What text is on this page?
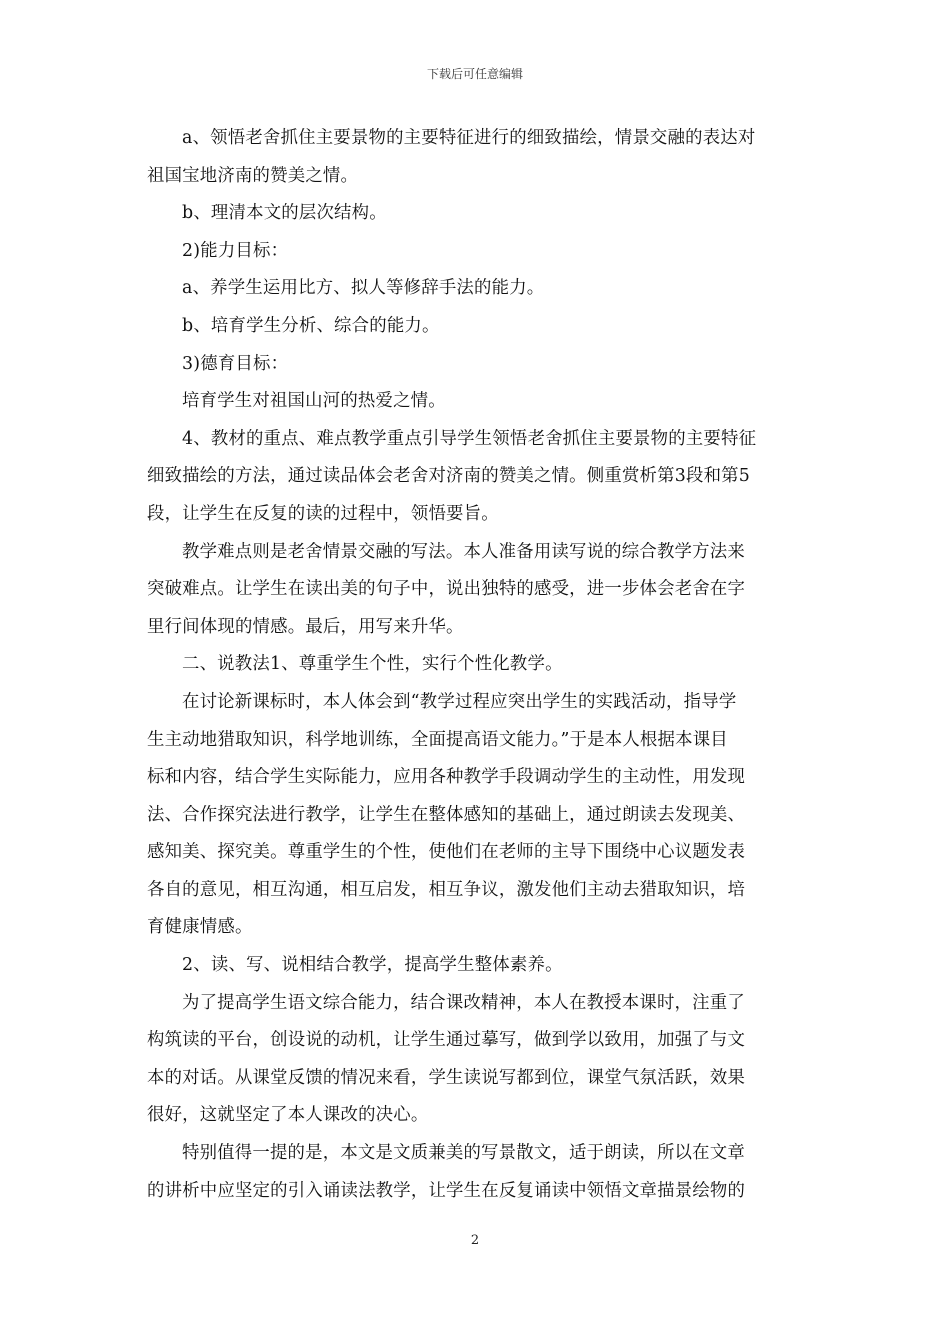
下载后可任意编辑
a、领悟老舍抓住主要景物的主要特征进行的细致描绘，情景交融的表达对
祖国宝地济南的赞美之情。
b、理清本文的层次结构。
2)能力目标：
a、养学生运用比方、拟人等修辞手法的能力。
b、培育学生分析、综合的能力。
3)德育目标：
培育学生对祖国山河的热爱之情。
4、教材的重点、难点教学重点引导学生领悟老舍抓住主要景物的主要特征
细致描绘的方法，通过读品体会老舍对济南的赞美之情。侧重赏析第3段和第5
段，让学生在反复的读的过程中，领悟要旨。
教学难点则是老舍情景交融的写法。本人准备用读写说的综合教学方法来
突破难点。让学生在读出美的句子中，说出独特的感受，进一步体会老舍在字
里行间体现的情感。最后，用写来升华。
二、说教法1、尊重学生个性，实行个性化教学。
在讨论新课标时，本人体会到“教学过程应突出学生的实践活动，指导学
生主动地猎取知识，科学地训练，全面提高语文能力。”于是本人根据本课目
标和内容，结合学生实际能力，应用各种教学手段调动学生的主动性，用发现
法、合作探究法进行教学，让学生在整体感知的基础上，通过朗读去发现美、
感知美、探究美。尊重学生的个性，使他们在老师的主导下围绕中心议题发表
各自的意见，相互沟通，相互启发，相互争议，激发他们主动去猎取知识，培
育健康情感。
2、读、写、说相结合教学，提高学生整体素养。
为了提高学生语文综合能力，结合课改精神，本人在教授本课时，注重了
构筑读的平台，创设说的动机，让学生通过摹写，做到学以致用，加强了与文
本的对话。从课堂反馈的情况来看，学生读说写都到位，课堂气氛活跃，效果
很好，这就坚定了本人课改的决心。
特别值得一提的是，本文是文质兼美的写景散文，适于朗读，所以在文章
的讲析中应坚定的引入诵读法教学，让学生在反复诵读中领悟文章描景绘物的
2
